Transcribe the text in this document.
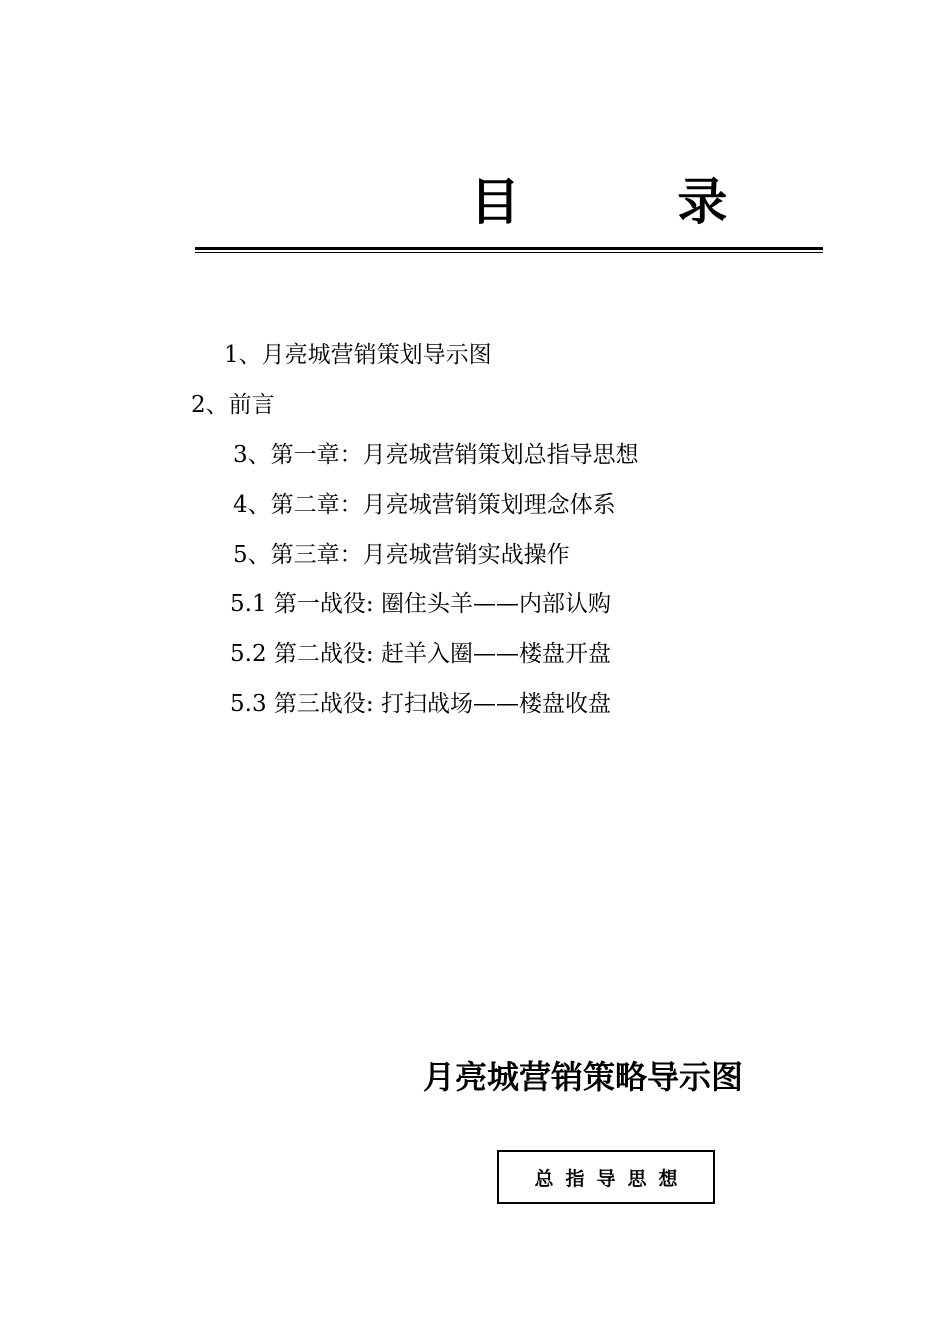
目 录
1、月亮城营销策划导示图
2、前言
3、第一章：月亮城营销策划总指导思想
4、第二章：月亮城营销策划理念体系
5、第三章：月亮城营销实战操作
5.1 第一战役: 圈住头羊——内部认购
5.2 第二战役: 赶羊入圈——楼盘开盘
5.3 第三战役: 打扫战场——楼盘收盘
月亮城营销策略导示图
总指导思想
